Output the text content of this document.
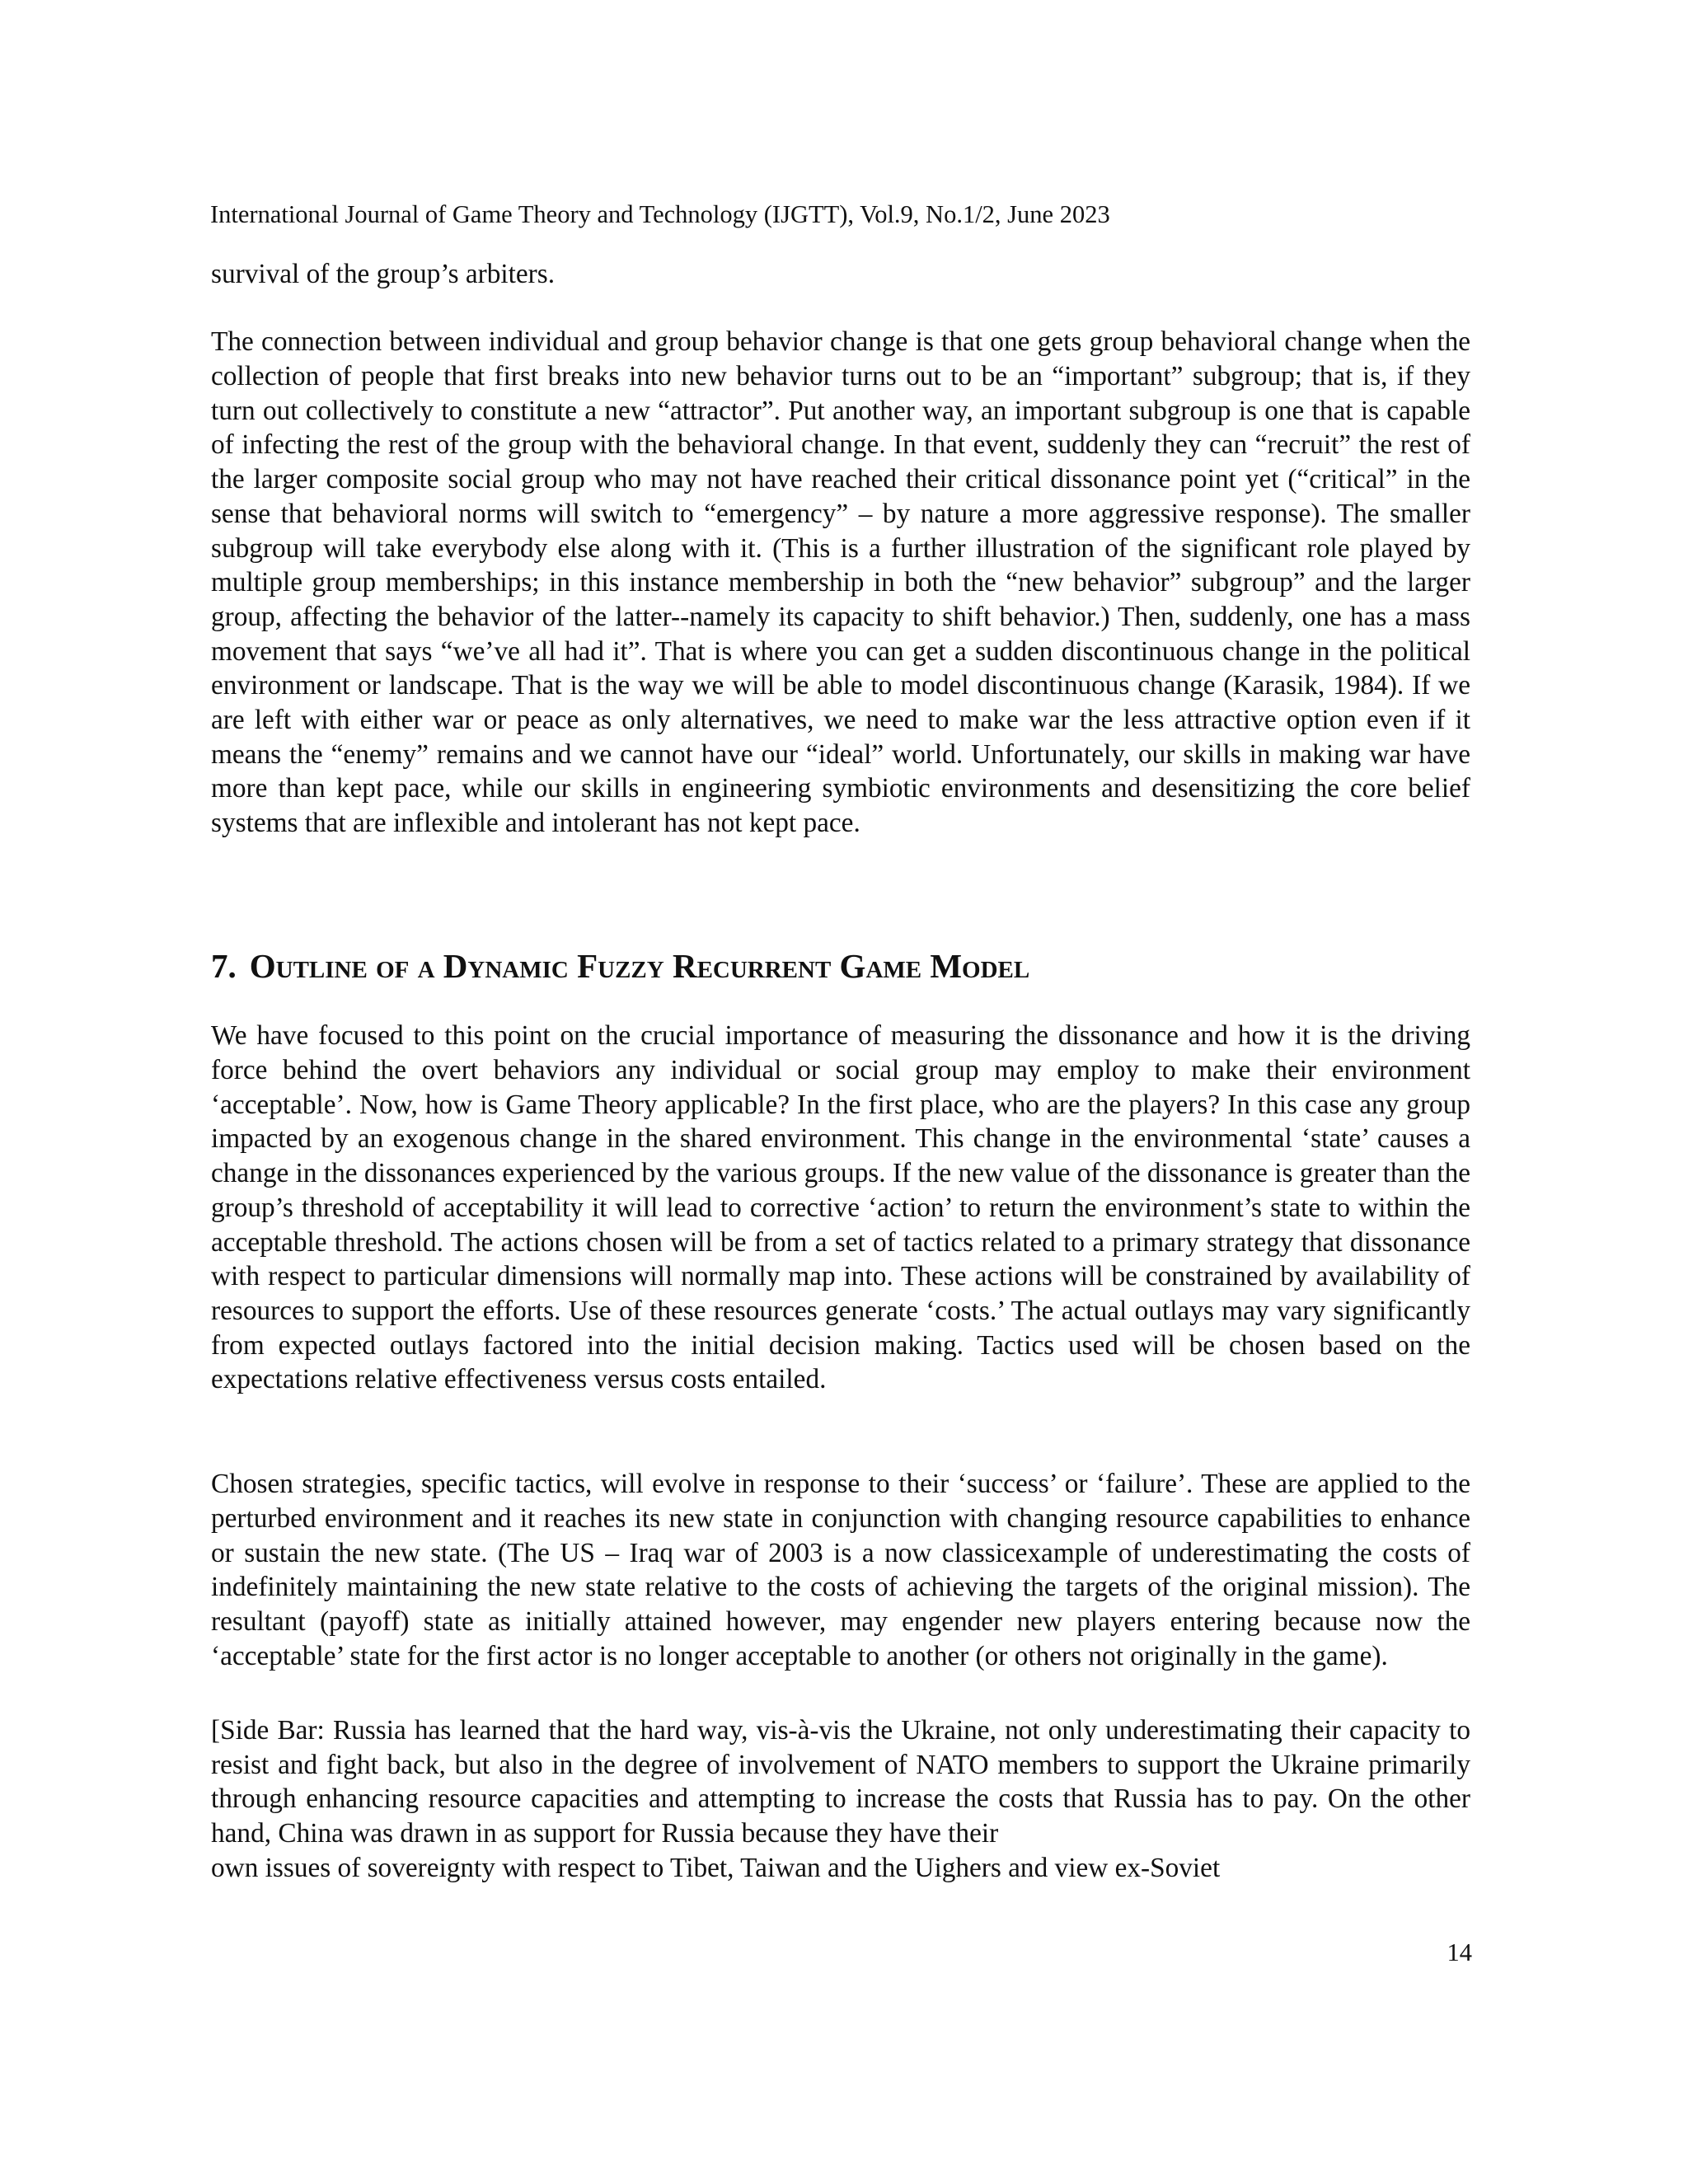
International Journal of Game Theory and Technology (IJGTT), Vol.9, No.1/2, June 2023

survival of the group’s arbiters.

The connection between individual and group behavior change is that one gets group behavioral change when the collection of people that first breaks into new behavior turns out to be an “important” subgroup; that is, if they turn out collectively to constitute a new “attractor”. Put another way, an important subgroup is one that is capable of infecting the rest of the group with the behavioral change. In that event, suddenly they can “recruit” the rest of the larger composite social group who may not have reached their critical dissonance point yet (“critical” in the sense that behavioral norms will switch to “emergency” – by nature a more aggressive response). The smaller subgroup will take everybody else along with it. (This is a further illustration of the significant role played by multiple group memberships; in this instance membership in both the “new behavior” subgroup” and the larger group, affecting the behavior of the latter--namely its capacity to shift behavior.) Then, suddenly, one has a mass movement that says “we’ve all had it”. That is where you can get a sudden discontinuous change in the political environment or landscape. That is the way we will be able to model discontinuous change (Karasik, 1984). If we are left with either war or peace as only alternatives, we need to make war the less attractive option even if it means the “enemy” remains and we cannot have our “ideal” world. Unfortunately, our skills in making war have more than kept pace, while our skills in engineering symbiotic environments and desensitizing the core belief systems that are inflexible and intolerant has not kept pace.

7. Outline of a Dynamic Fuzzy Recurrent Game Model

We have focused to this point on the crucial importance of measuring the dissonance and how it is the driving force behind the overt behaviors any individual or social group may employ to make their environment ‘acceptable’. Now, how is Game Theory applicable? In the first place, who are the players? In this case any group impacted by an exogenous change in the shared environment. This change in the environmental ‘state’ causes a change in the dissonances experienced by the various groups. If the new value of the dissonance is greater than the group’s threshold of acceptability it will lead to corrective ‘action’ to return the environment’s state to within the acceptable threshold. The actions chosen will be from a set of tactics related to a primary strategy that dissonance with respect to particular dimensions will normally map into. These actions will be constrained by availability of resources to support the efforts. Use of these resources generate ‘costs.’ The actual outlays may vary significantly from expected outlays factored into the initial decision making. Tactics used will be chosen based on the expectations relative effectiveness versus costs entailed.

Chosen strategies, specific tactics, will evolve in response to their ‘success’ or ‘failure’. These are applied to the perturbed environment and it reaches its new state in conjunction with changing resource capabilities to enhance or sustain the new state. (The US – Iraq war of 2003 is a now classicexample of underestimating the costs of indefinitely maintaining the new state relative to the costs of achieving the targets of the original mission). The resultant (payoff) state as initially attained however, may engender new players entering because now the ‘acceptable’ state for the first actor is no longer acceptable to another (or others not originally in the game).

[Side Bar: Russia has learned that the hard way, vis-à-vis the Ukraine, not only underestimating their capacity to resist and fight back, but also in the degree of involvement of NATO members to support the Ukraine primarily through enhancing resource capacities and attempting to increase the costs that Russia has to pay. On the other hand, China was drawn in as support for Russia because they have their
own issues of sovereignty with respect to Tibet, Taiwan and the Uighers and view ex-Soviet
14
